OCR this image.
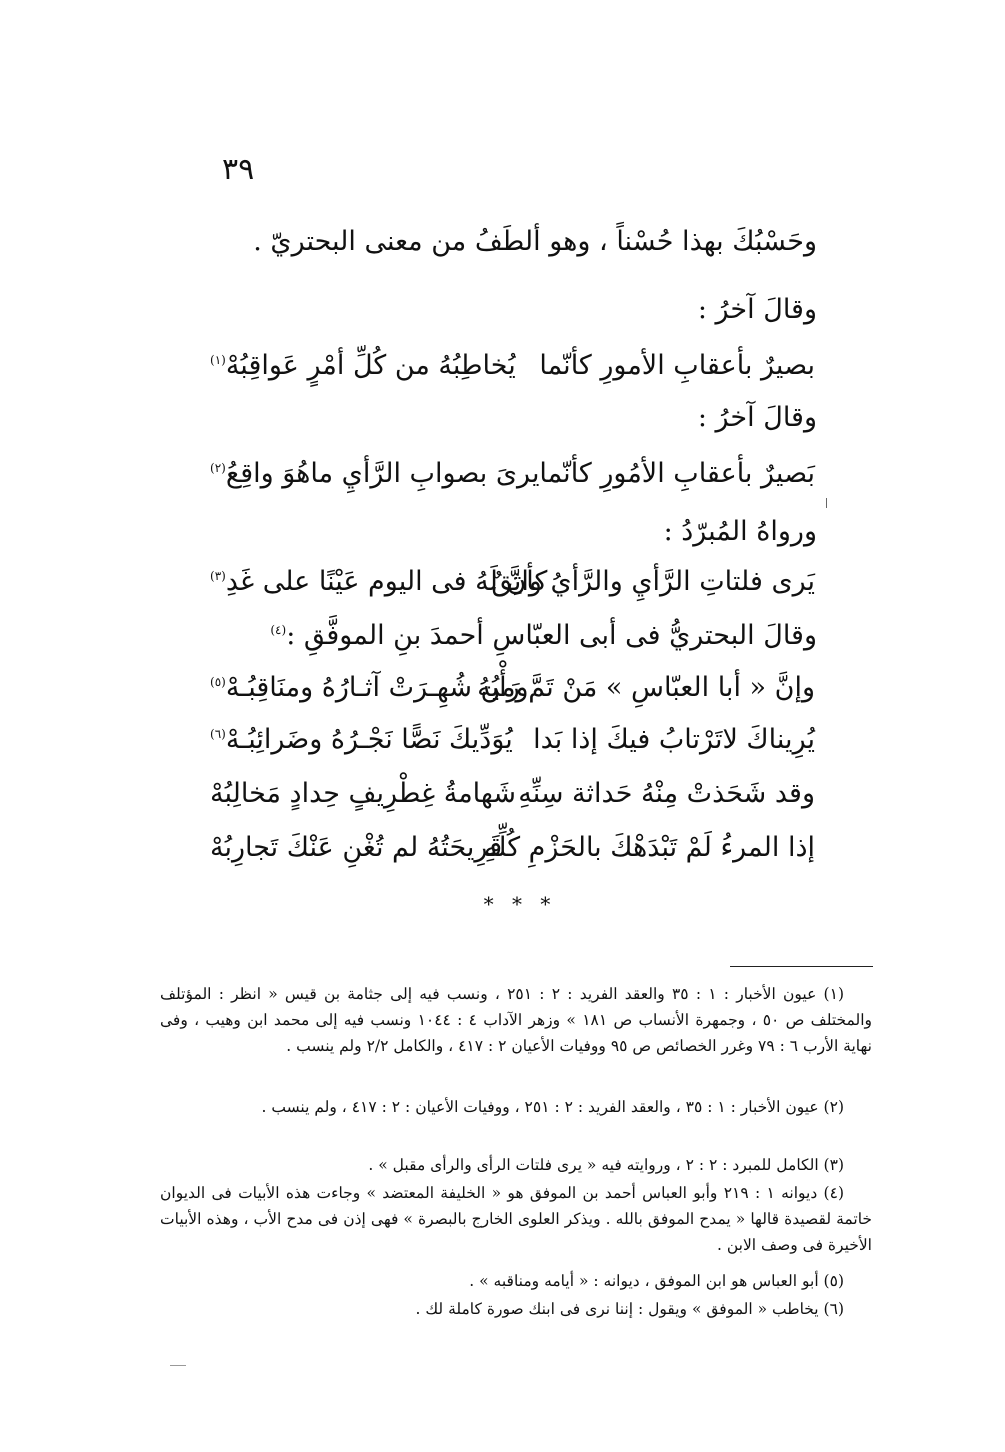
٣٩
وحَسْبُكَ بهذا حُسْناً ، وهو ألطَفُ من معنى البحتريّ .
وقالَ آخرُ :
بصيرٌ بأعقابِ الأمورِ كأنّما
يُخاطِبُهُ من كُلِّ أمْرٍ عَواقِبُهْ$^{(١)}$
وقالَ آخرُ :
بَصيرٌ بأعقابِ الأمُورِ كأنّما
يرىَ بصوابِ الرَّأيِ ماهُوَ واقِعُ$^{(٢)}$
ورواهُ المُبرّدُ :
يَرى فلتاتِ الرَّأيِ والرَّأيُ واثِقٌ
كأنَّ لَهُ فى اليوم عَيْنًا على غَدِ$^{(٣)}$
وقالَ البحتريُّ فى أبى العبّاسِ أحمدَ بنِ الموفَّقِ :$^{(٤)}$
وإنَّ « أبا العبّاسِ » مَنْ تَمَّ رَأْيُهُ
ومن شُهِـرَتْ آثـارُهُ ومنَاقِبُـهْ$^{(٥)}$
يُرِيناكَ لاتَرْتابُ فيكَ إذا بَدا
يُوَدِّيكَ نَصًّا نَجْـرُهُ وضَرائِبُـهْ$^{(٦)}$
وقد شَحَذتْ مِنْهُ حَداثة سِنِّهِ
شَهامةُ غِطْرِيفٍ حِدادٍ مَخالِبُهْ
إذا المرءُ لَمْ تَبْدَهْكَ بالحَزْمِ كُلِّهِ
قَرِيحَتُهُ لم تُغْنِ عَنْكَ تَجارِبُهْ
* * *
(١) عيون الأخبار : ١ : ٣٥ والعقد الفريد : ٢ : ٢٥١ ، ونسب فيه إلى جثامة بن قيس « انظر : المؤتلف والمختلف ص ٥٠ ، وجمهرة الأنساب ص ١٨١ » وزهر الآداب ٤ : ١٠٤٤ ونسب فيه إلى محمد ابن وهيب ، وفى نهاية الأرب ٦ : ٧٩ وغرر الخصائص ص ٩٥ ووفيات الأعيان ٢ : ٤١٧ ، والكامل ٢/٢ ولم ينسب .
(٢) عيون الأخبار : ١ : ٣٥ ، والعقد الفريد : ٢ : ٢٥١ ، ووفيات الأعيان : ٢ : ٤١٧ ، ولم ينسب .
(٣) الكامل للمبرد : ٢ : ٢ ، وروايته فيه « يرى فلتات الرأى والرأى مقبل » .
(٤) ديوانه ١ : ٢١٩ وأبو العباس أحمد بن الموفق هو « الخليفة المعتضد » وجاءت هذه الأبيات فى الديوان خاتمة لقصيدة قالها « يمدح الموفق بالله . ويذكر العلوى الخارج بالبصرة » فهى إذن فى مدح الأب ، وهذه الأبيات الأخيرة فى وصف الابن .
(٥) أبو العباس هو ابن الموفق ، ديوانه : « أيامه ومناقبه » .
(٦) يخاطب « الموفق » ويقول : إننا نرى فى ابنك صورة كاملة لك .
